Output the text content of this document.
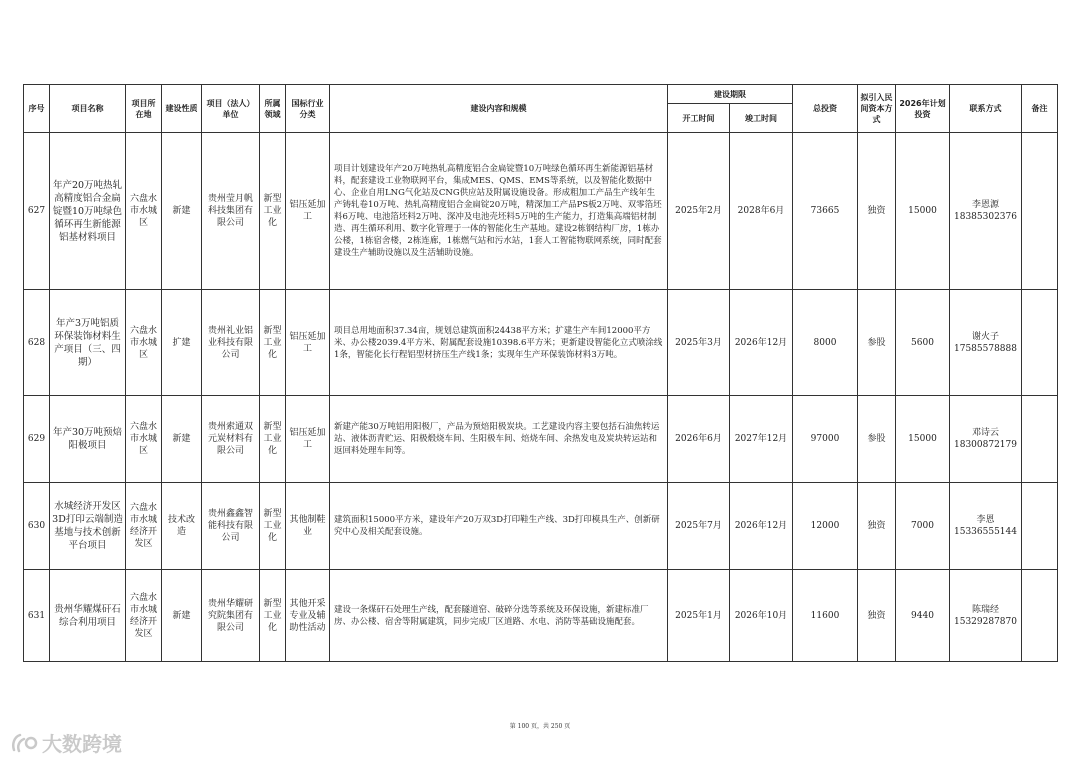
序号	项目名称	项目所在地	建设性质	项目（法人）单位	所属领域	国标行业分类	建设内容和规模	建设期限		总投资	拟引入民间资本方式	2026年计划投资	联系方式	备注
								开工时间	竣工时间					
627	年产20万吨热轧高精度铝合金扁锭暨10万吨绿色循环再生新能源铝基材料项目	六盘水市水城区	新建	贵州莹月帆科技集团有限公司	新型工业化	铝压延加工	项目计划建设年产20万吨热轧高精度铝合金扁锭暨10万吨绿色循环再生新能源铝基材料，配套建设工业物联网平台，集成MES、QMS、EMS等系统，以及智能化数据中心、企业自用LNG气化站及CNG供应站及附属设施设备。形成粗加工产品生产线年生产铸轧卷10万吨、热轧高精度铝合金扁锭20万吨，精深加工产品PS板2万吨、双零箔坯料6万吨、电池箔坯料2万吨、深冲及电池壳坯料5万吨的生产能力，打造集高端铝材制造、再生循环利用、数字化管理于一体的智能化生产基地。建设2栋钢结构厂房，1栋办公楼，1栋宿舍楼，2栋连廊，1栋燃气站和污水站，1套人工智能物联网系统，同时配套建设生产辅助设施以及生活辅助设施。	2025年2月	2028年6月	73665	独资	15000	李恩源
18385302376	

628	年产3万吨铝质环保装饰材料生产项目（三、四期）	六盘水市水城区	扩建	贵州礼业铝业科技有限公司	新型工业化	铝压延加工	项目总用地面积37.34亩，规划总建筑面积24438平方米；扩建生产车间12000平方米、办公楼2039.4平方米、附属配套设施10398.6平方米；更新建设智能化立式喷涂线1条，智能化长行程铝型材挤压生产线1条；实现年生产环保装饰材料3万吨。	2025年3月	2026年12月	8000	参股	5600	谢火子
17585578888	

629	年产30万吨预焙阳极项目	六盘水市水城区	新建	贵州索通双元炭材料有限公司	新型工业化	铝压延加工	新建产能30万吨铝用阳极厂，产品为预焙阳极炭块。工艺建设内容主要包括石油焦转运站、液体沥青贮运、阳极煅烧车间、生阳极车间、焙烧车间、余热发电及炭块转运站和返回料处理车间等。	2026年6月	2027年12月	97000	参股	15000	邓诗云
18300872179	

630	水城经济开发区3D打印云端制造基地与技术创新平台项目	六盘水市水城经济开发区	技术改造	贵州鑫鑫智能科技有限公司	新型工业化	其他制鞋业	建筑面积15000平方米，建设年产20万双3D打印鞋生产线、3D打印模具生产、创新研究中心及相关配套设施。	2025年7月	2026年12月	12000	独资	7000	李恩
15336555144	

631	贵州华耀煤矸石综合利用项目	六盘水市水城经济开发区	新建	贵州华耀研究院集团有限公司	新型工业化	其他开采专业及辅助性活动	建设一条煤矸石处理生产线，配套隧道窑、破碎分选等系统及环保设施，新建标准厂房、办公楼、宿舍等附属建筑，同步完成厂区道路、水电、消防等基础设施配套。	2025年1月	2026年10月	11600	独资	9440	陈瑞经
15329287870	

第 100 页，共 250 页
大数跨境
